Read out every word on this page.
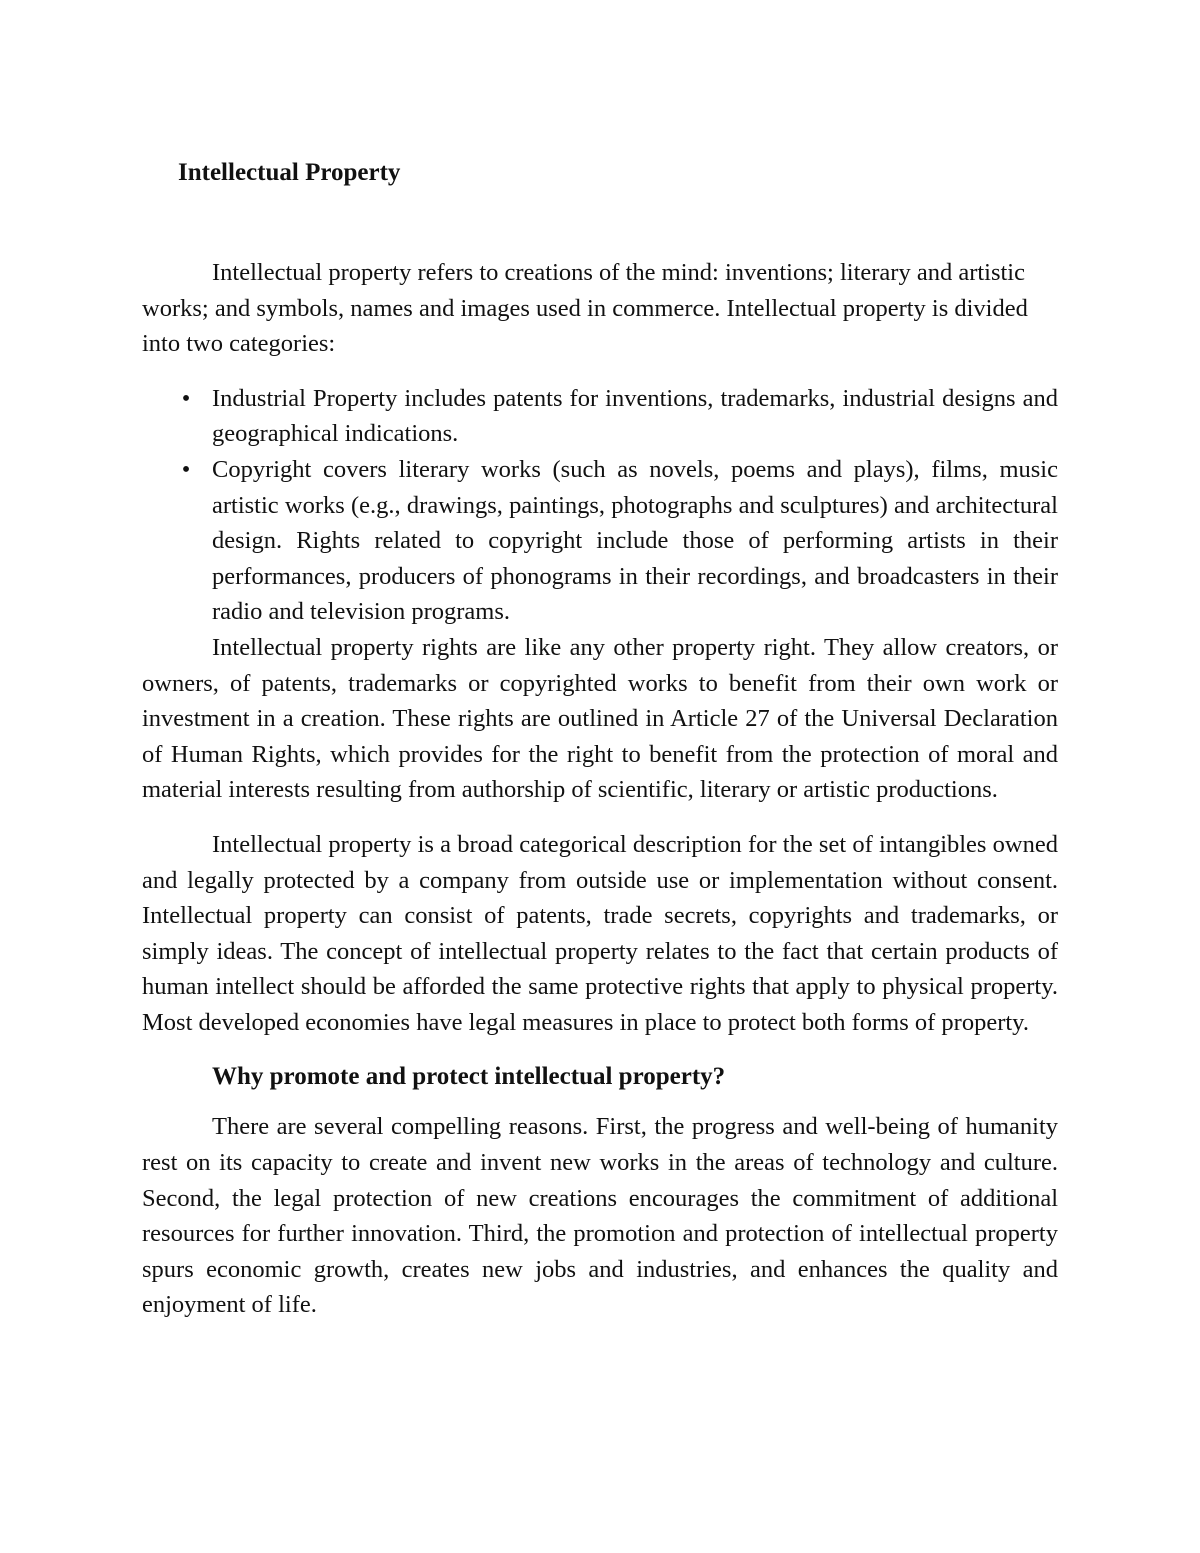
Intellectual Property

Intellectual property refers to creations of the mind: inventions; literary and artistic works; and symbols, names and images used in commerce. Intellectual property is divided into two categories:

• Industrial Property includes patents for inventions, trademarks, industrial designs and geographical indications.
• Copyright covers literary works (such as novels, poems and plays), films, music artistic works (e.g., drawings, paintings, photographs and sculptures) and architectural design. Rights related to copyright include those of performing artists in their performances, producers of phonograms in their recordings, and broadcasters in their radio and television programs.

Intellectual property rights are like any other property right. They allow creators, or owners, of patents, trademarks or copyrighted works to benefit from their own work or investment in a creation. These rights are outlined in Article 27 of the Universal Declaration of Human Rights, which provides for the right to benefit from the protection of moral and material interests resulting from authorship of scientific, literary or artistic productions.

Intellectual property is a broad categorical description for the set of intangibles owned and legally protected by a company from outside use or implementation without consent. Intellectual property can consist of patents, trade secrets, copyrights and trademarks, or simply ideas. The concept of intellectual property relates to the fact that certain products of human intellect should be afforded the same protective rights that apply to physical property. Most developed economies have legal measures in place to protect both forms of property.

Why promote and protect intellectual property?

There are several compelling reasons. First, the progress and well-being of humanity rest on its capacity to create and invent new works in the areas of technology and culture. Second, the legal protection of new creations encourages the commitment of additional resources for further innovation. Third, the promotion and protection of intellectual property spurs economic growth, creates new jobs and industries, and enhances the quality and enjoyment of life.
